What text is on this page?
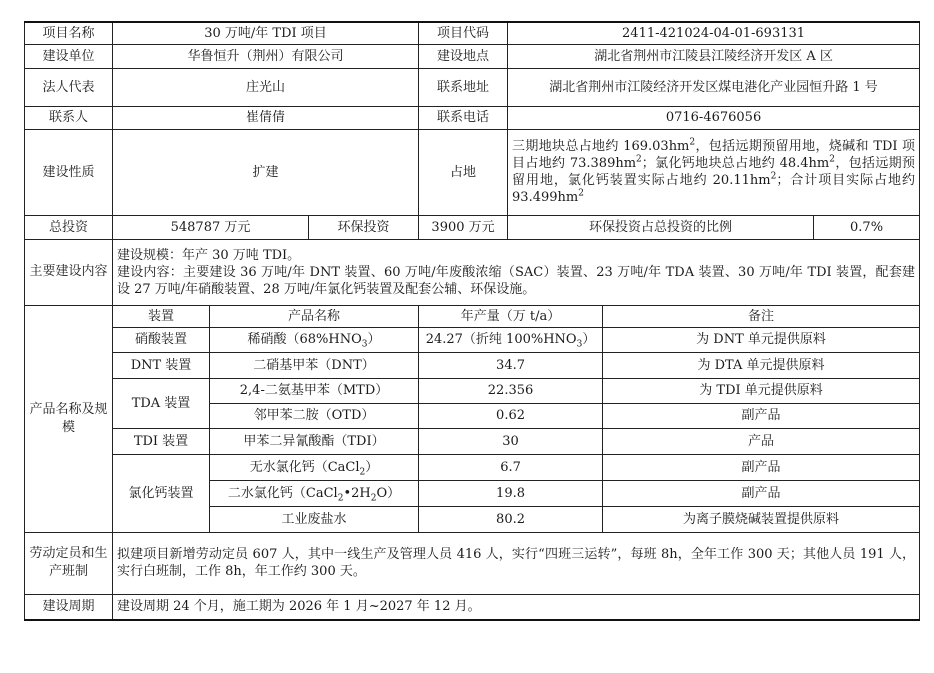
项目名称	30 万吨/年 TDI 项目			项目代码	2411-421024-04-01-693131		
建设单位	华鲁恒升（荆州）有限公司			建设地点	湖北省荆州市江陵县江陵经济开发区 A 区		
法人代表	庄光山			联系地址	湖北省荆州市江陵经济开发区煤电港化产业园恒升路 1 号		
联系人	崔倩倩			联系电话	0716-4676056		
建设性质	扩建			占地	三期地块总占地约 $169.03hm^2$，包括远期预留用地，烧碱和 TDI 项目占地约 $73.389hm^2$；氯化钙地块总占地约 $48.4hm^2$，包括远期预留用地，氯化钙装置实际占地约 $20.11hm^2$；合计项目实际占地约 $93.499hm^2$
总投资	548787 万元		环保投资	3900 万元	环保投资占总投资的比例		0.7%
主要建设内容	建设规模：年产 30 万吨 TDI。
建设内容：主要建设 36 万吨/年 DNT 装置、60 万吨/年废酸浓缩（SAC）装置、23 万吨/年 TDA 装置、30 万吨/年 TDI 装置，配套建设 27 万吨/年硝酸装置、28 万吨/年氯化钙装置及配套公辅、环保设施。						

产品名称及规模	装置	产品名称		年产量（万 t/a）		备注	
	硝酸装置	稀硝酸$(68\%HNO_3)$		24.27（折纯 $100\%HNO_3$）		为 DNT 单元提供原料	
	DNT 装置	二硝基甲苯（DNT）		34.7		为 DTA 单元提供原料	
	TDA 装置	2,4-二氨基甲苯（MTD）		22.356		为 TDI 单元提供原料	
		邻甲苯二胺（OTD）		0.62		副产品	
	TDI 装置	甲苯二异氰酸酯（TDI）		30		产品	
	氯化钙装置	无水氯化钙（CaCl$_2$）		6.7		副产品	
		二水氯化钙$(CaCl_2•2H_2O)$		19.8		副产品	
		工业废盐水		80.2		为离子膜烧碱装置提供原料	
劳动定员和生产班制	拟建项目新增劳动定员 607 人，其中一线生产及管理人员 416 人，实行“四班三运转”，每班 8h，全年工作 300 天；其他人员 191 人，实行白班制，工作 8h，年工作约 300 天。						
建设周期	建设周期 24 个月，施工期为 2026 年 1 月~2027 年 12 月。						
